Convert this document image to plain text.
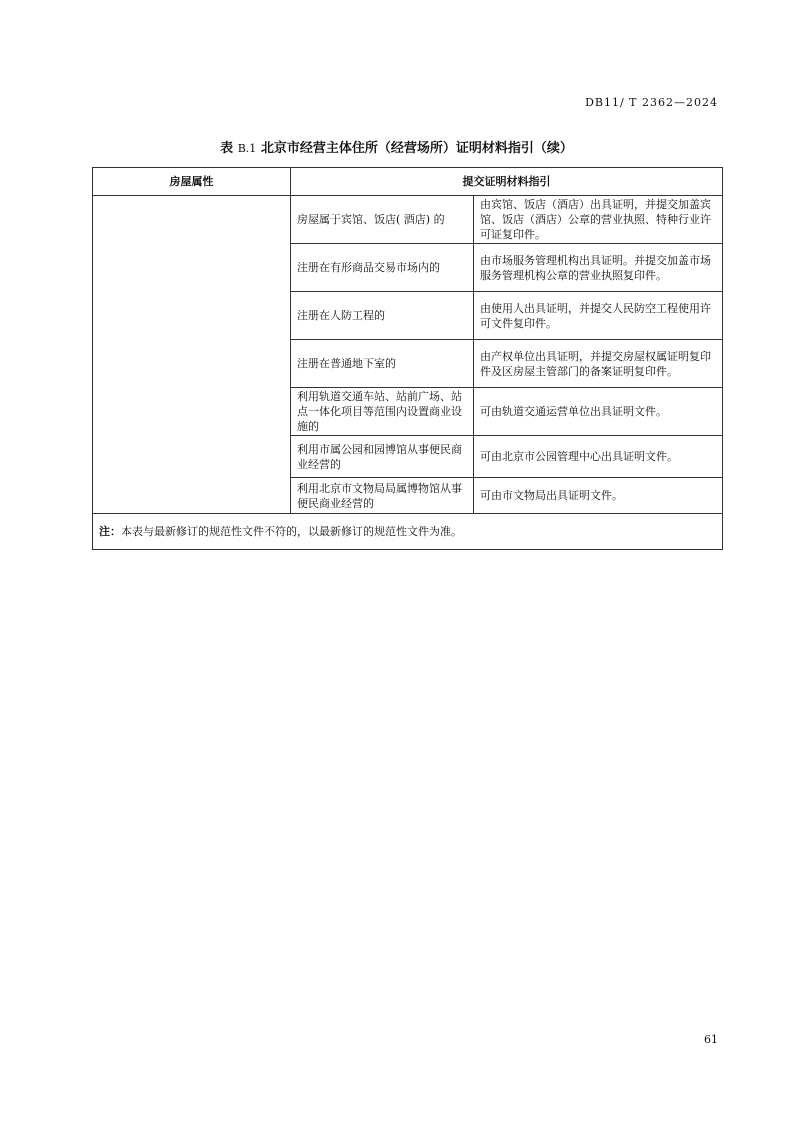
DB11/ T 2362—2024
表 B.1 北京市经营主体住所（经营场所）证明材料指引（续）
房屋属性	提交证明材料指引	
	房屋属于宾馆、饭店( 酒店) 的	由宾馆、饭店（酒店）出具证明，并提交加盖宾馆、饭店（酒店）公章的营业执照、特种行业许可证复印件。
	注册在有形商品交易市场内的	由市场服务管理机构出具证明。并提交加盖市场服务管理机构公章的营业执照复印件。
	注册在人防工程的	由使用人出具证明，并提交人民防空工程使用许可文件复印件。
	注册在普通地下室的	由产权单位出具证明，并提交房屋权属证明复印件及区房屋主管部门的备案证明复印件。
	利用轨道交通车站、站前广场、站点一体化项目等范围内设置商业设施的	可由轨道交通运营单位出具证明文件。
	利用市属公园和园博馆从事便民商业经营的	可由北京市公园管理中心出具证明文件。
	利用北京市文物局局属博物馆从事便民商业经营的	可由市文物局出具证明文件。
注：本表与最新修订的规范性文件不符的，以最新修订的规范性文件为准。		
61
